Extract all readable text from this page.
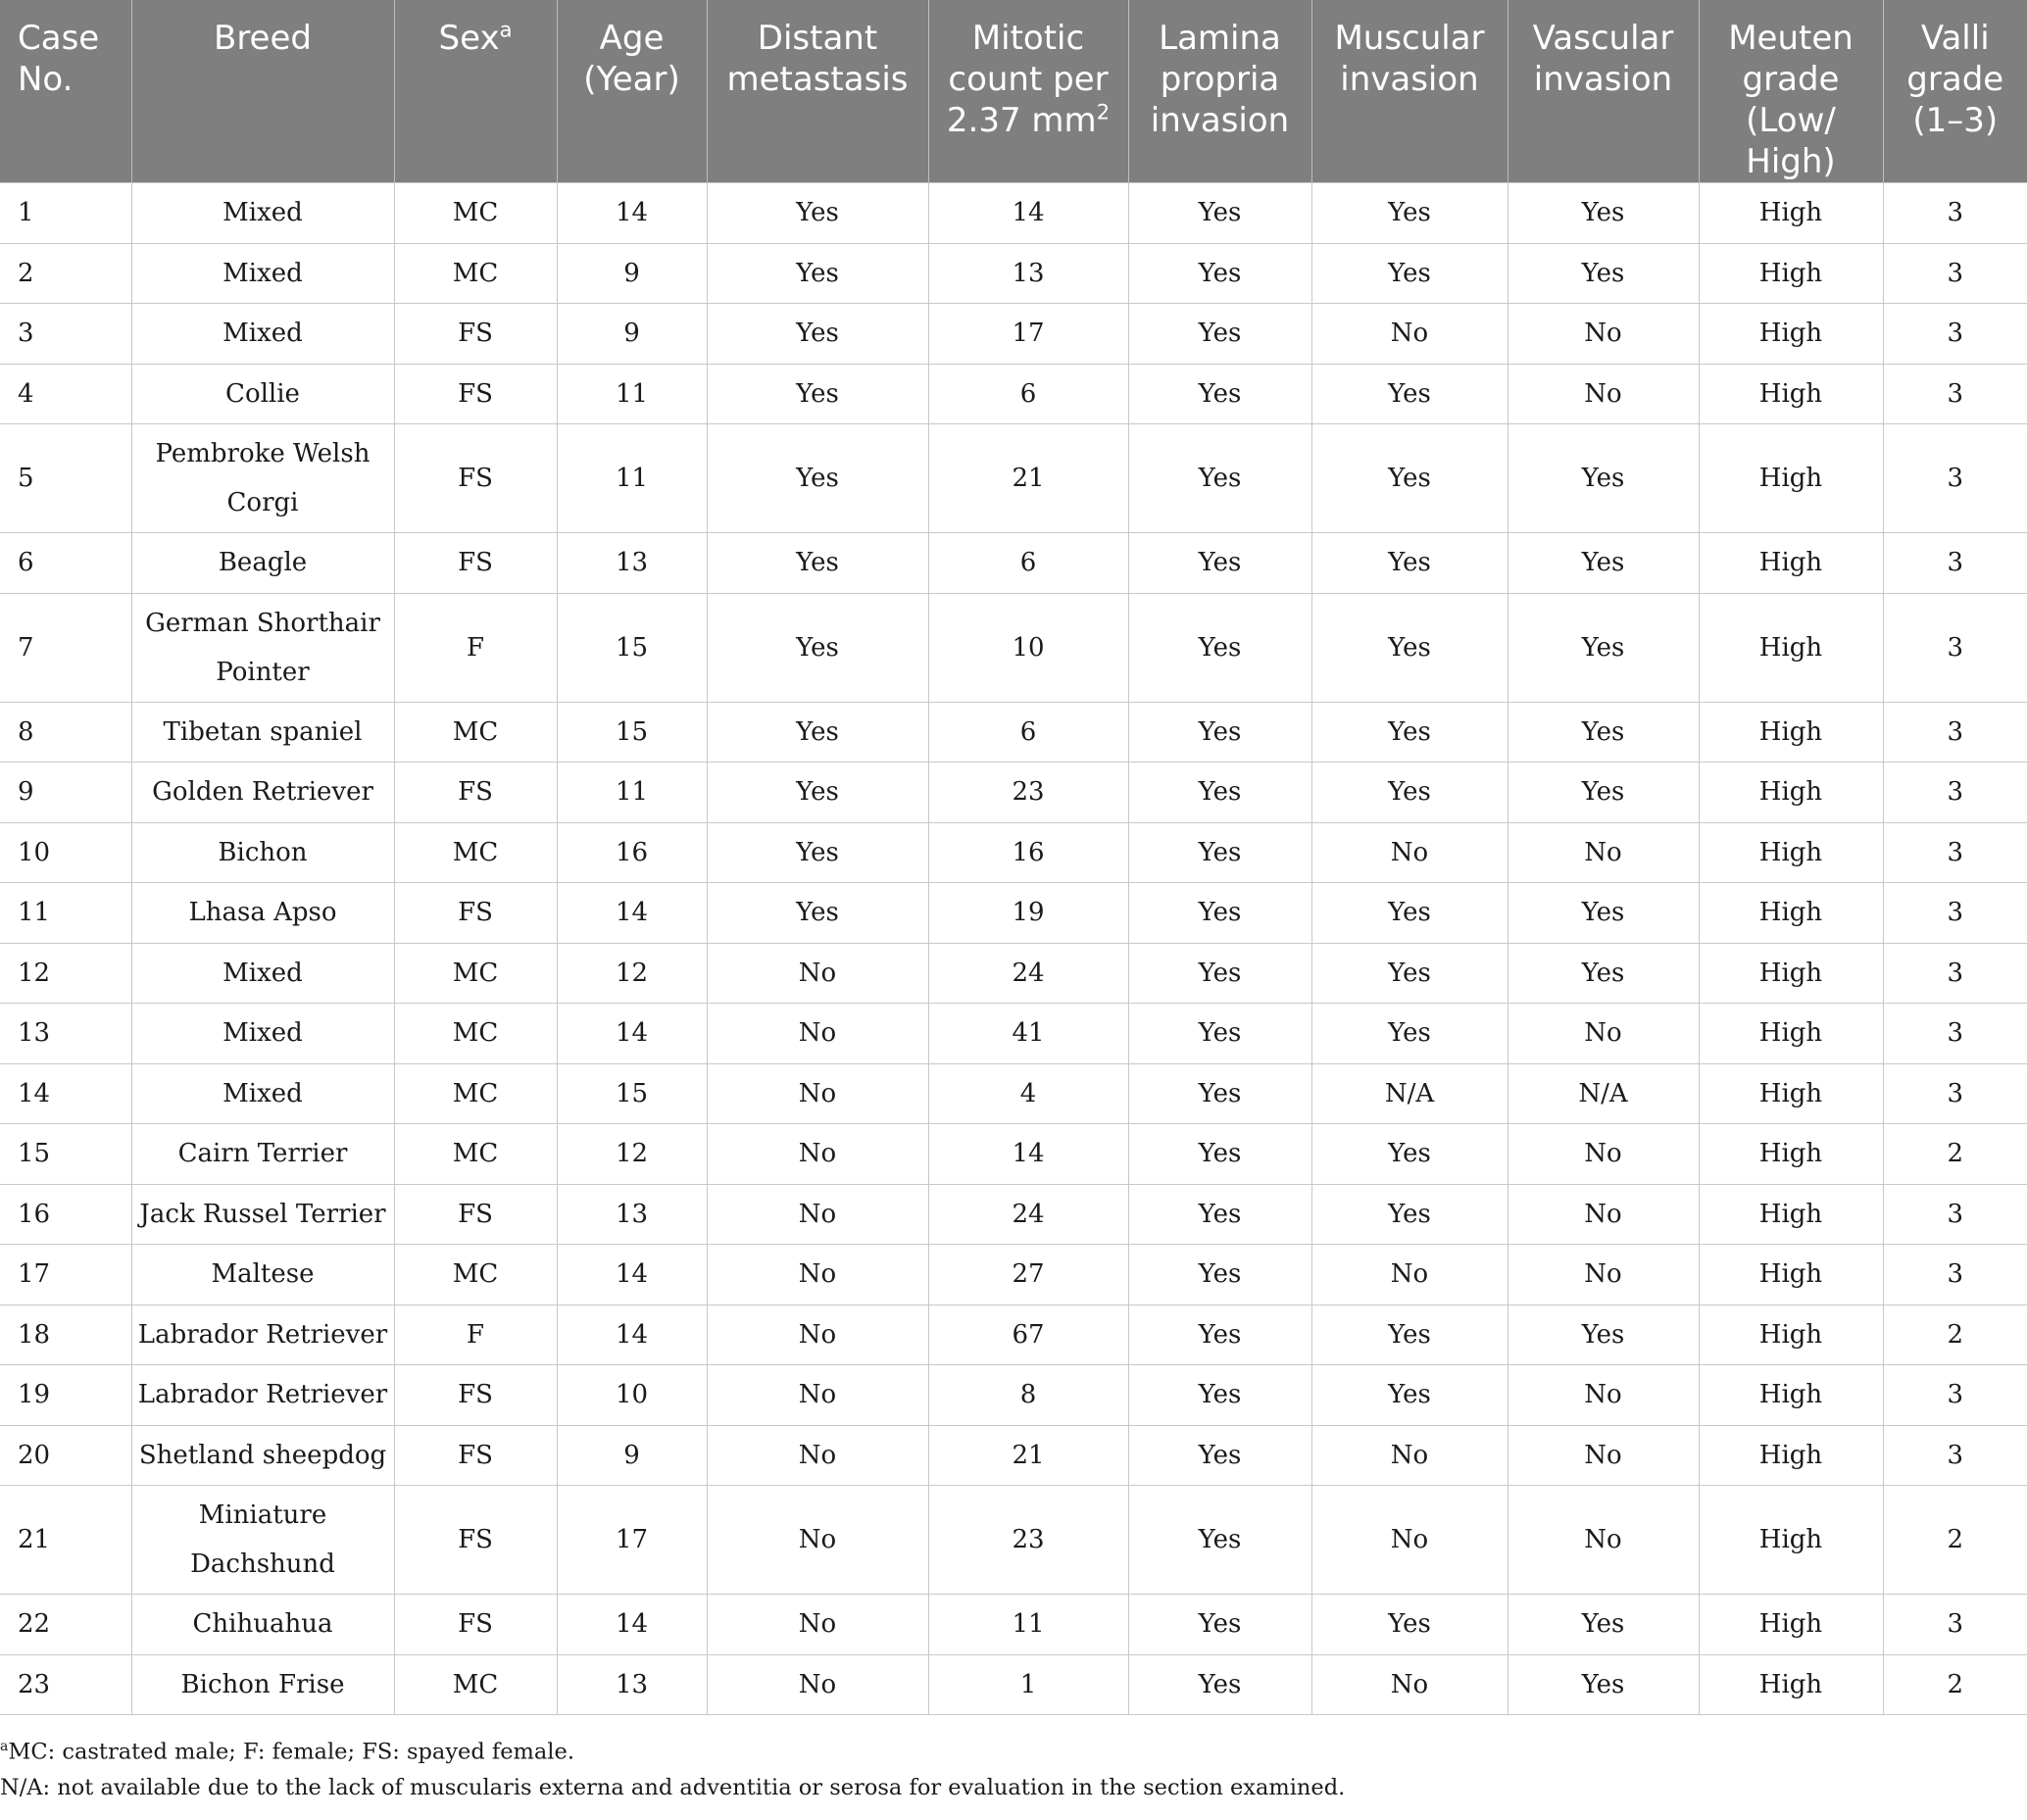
Case No.	Breed	Sex$^a$	Age (Year)	Distant metastasis	Mitotic count per 2.37 $mm^2$	Lamina propria invasion	Muscular invasion	Vascular invasion	Meuten grade (Low/ High)	Valli grade (1–3)
1	Mixed	MC	14	Yes	14	Yes	Yes	Yes	High	3
2	Mixed	MC	9	Yes	13	Yes	Yes	Yes	High	3
3	Mixed	FS	9	Yes	17	Yes	No	No	High	3
4	Collie	FS	11	Yes	6	Yes	Yes	No	High	3
5	Pembroke Welsh Corgi	FS	11	Yes	21	Yes	Yes	Yes	High	3
6	Beagle	FS	13	Yes	6	Yes	Yes	Yes	High	3
7	German Shorthair Pointer	F	15	Yes	10	Yes	Yes	Yes	High	3
8	Tibetan spaniel	MC	15	Yes	6	Yes	Yes	Yes	High	3
9	Golden Retriever	FS	11	Yes	23	Yes	Yes	Yes	High	3
10	Bichon	MC	16	Yes	16	Yes	No	No	High	3
11	Lhasa Apso	FS	14	Yes	19	Yes	Yes	Yes	High	3
12	Mixed	MC	12	No	24	Yes	Yes	Yes	High	3
13	Mixed	MC	14	No	41	Yes	Yes	No	High	3
14	Mixed	MC	15	No	4	Yes	N/A	N/A	High	3
15	Cairn Terrier	MC	12	No	14	Yes	Yes	No	High	2
16	Jack Russel Terrier	FS	13	No	24	Yes	Yes	No	High	3
17	Maltese	MC	14	No	27	Yes	No	No	High	3
18	Labrador Retriever	F	14	No	67	Yes	Yes	Yes	High	2
19	Labrador Retriever	FS	10	No	8	Yes	Yes	No	High	3
20	Shetland sheepdog	FS	9	No	21	Yes	No	No	High	3
21	Miniature Dachshund	FS	17	No	23	Yes	No	No	High	2
22	Chihuahua	FS	14	No	11	Yes	Yes	Yes	High	3
23	Bichon Frise	MC	13	No	1	Yes	No	Yes	High	2
$^a$MC: castrated male; F: female; FS: spayed female.
N/A: not available due to the lack of muscularis externa and adventitia or serosa for evaluation in the section examined.
